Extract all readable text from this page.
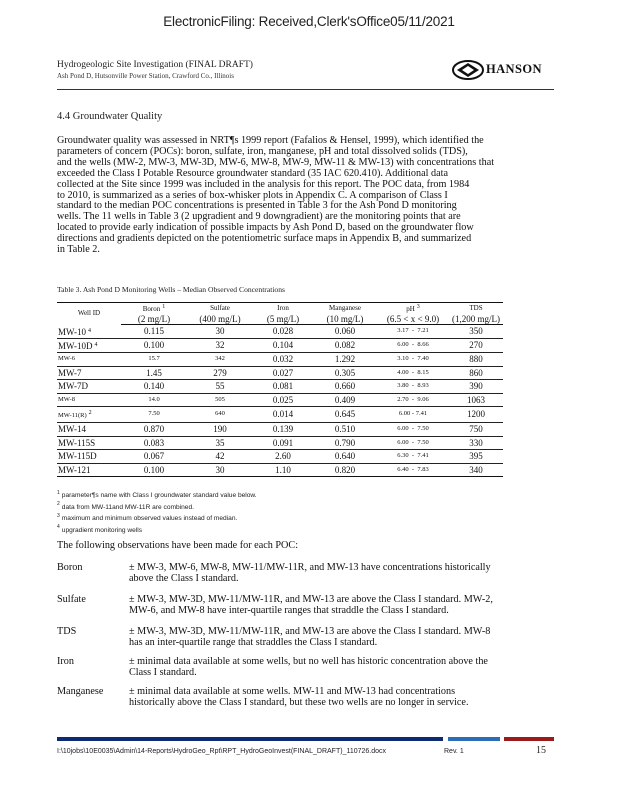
ElectronicFiling: Received,Clerk'sOffice05/11/2021
Hydrogeologic Site Investigation (FINAL DRAFT)
Ash Pond D, Hutsonville Power Station, Crawford Co., Illinois	HANSON
4.4 Groundwater Quality
Groundwater quality was assessed in NRT¶s 1999 report (Fafalios & Hensel, 1999), which identified the
parameters of concern (POCs): boron, sulfate, iron, manganese, pH and total dissolved solids (TDS),
and the wells (MW-2, MW-3, MW-3D, MW-6, MW-8, MW-9, MW-11 & MW-13) with concentrations that
exceeded the Class I Potable Resource groundwater standard (35 IAC 620.410). Additional data
collected at the Site since 1999 was included in the analysis for this report. The POC data, from 1984
to 2010, is summarized as a series of box-whisker plots in Appendix C. A comparison of Class I
standard to the median POC concentrations is presented in Table 3 for the Ash Pond D monitoring
wells. The 11 wells in Table 3 (2 upgradient and 9 downgradient) are the monitoring points that are
located to provide early indication of possible impacts by Ash Pond D, based on the groundwater flow
directions and gradients depicted on the potentiometric surface maps in Appendix B, and summarized
in Table 2.
Table 3. Ash Pond D Monitoring Wells – Median Observed Concentrations
Well ID	Boron $^1$	Sulfate	Iron	Manganese	pH $^3$	TDS
	(2 mg/L)	(400 mg/L)	(5 mg/L)	(10 mg/L)	(6.5 < x < 9.0)	(1,200 mg/L)
MW-10 $^4$	0.115	30	0.028	0.060	3.17  -  7.21	350
MW-10D $^4$	0.100	32	0.104	0.082	6.00  -  8.66	270
MW-6	15.7	342	0.032	1.292	3.10  -  7.40	880
MW-7	1.45	279	0.027	0.305	4.00  -  8.15	860
MW-7D	0.140	55	0.081	0.660	3.80  -  8.93	390
MW-8	14.0	505	0.025	0.409	2.70  -  9.06	1063
MW-11(R) $^2$	7.50	640	0.014	0.645	6.00 - 7.41	1200
MW-14	0.870	190	0.139	0.510	6.00  -  7.50	750
MW-115S	0.083	35	0.091	0.790	6.00  -  7.50	330
MW-115D	0.067	42	2.60	0.640	6.30  -  7.41	395
MW-121	0.100	30	1.10	0.820	6.40  -  7.83	340
$^1$ parameter¶s name with Class I groundwater standard value below.
$^2$ data from MW-11and MW-11R are combined.
$^3$ maximum and minimum observed values instead of median.
$^4$ upgradient monitoring wells
The following observations have been made for each POC:
Boron	± MW-3, MW-6, MW-8, MW-11/MW-11R, and MW-13 have concentrations historically
above the Class I standard.
Sulfate	± MW-3, MW-3D, MW-11/MW-11R, and MW-13 are above the Class I standard. MW-2,
MW-6, and MW-8 have inter-quartile ranges that straddle the Class I standard.
TDS	± MW-3, MW-3D, MW-11/MW-11R, and MW-13 are above the Class I standard. MW-8
has an inter-quartile range that straddles the Class I standard.
Iron	± minimal data available at some wells, but no well has historic concentration above the
Class I standard.
Manganese	± minimal data available at some wells. MW-11 and MW-13 had concentrations
historically above the Class I standard, but these two wells are no longer in service.
I:\10jobs\10E0035\Admin\14-Reports\HydroGeo_Rpt\RPT_HydroGeoInvest(FINAL_DRAFT)_110726.docx	Rev. 1	15
